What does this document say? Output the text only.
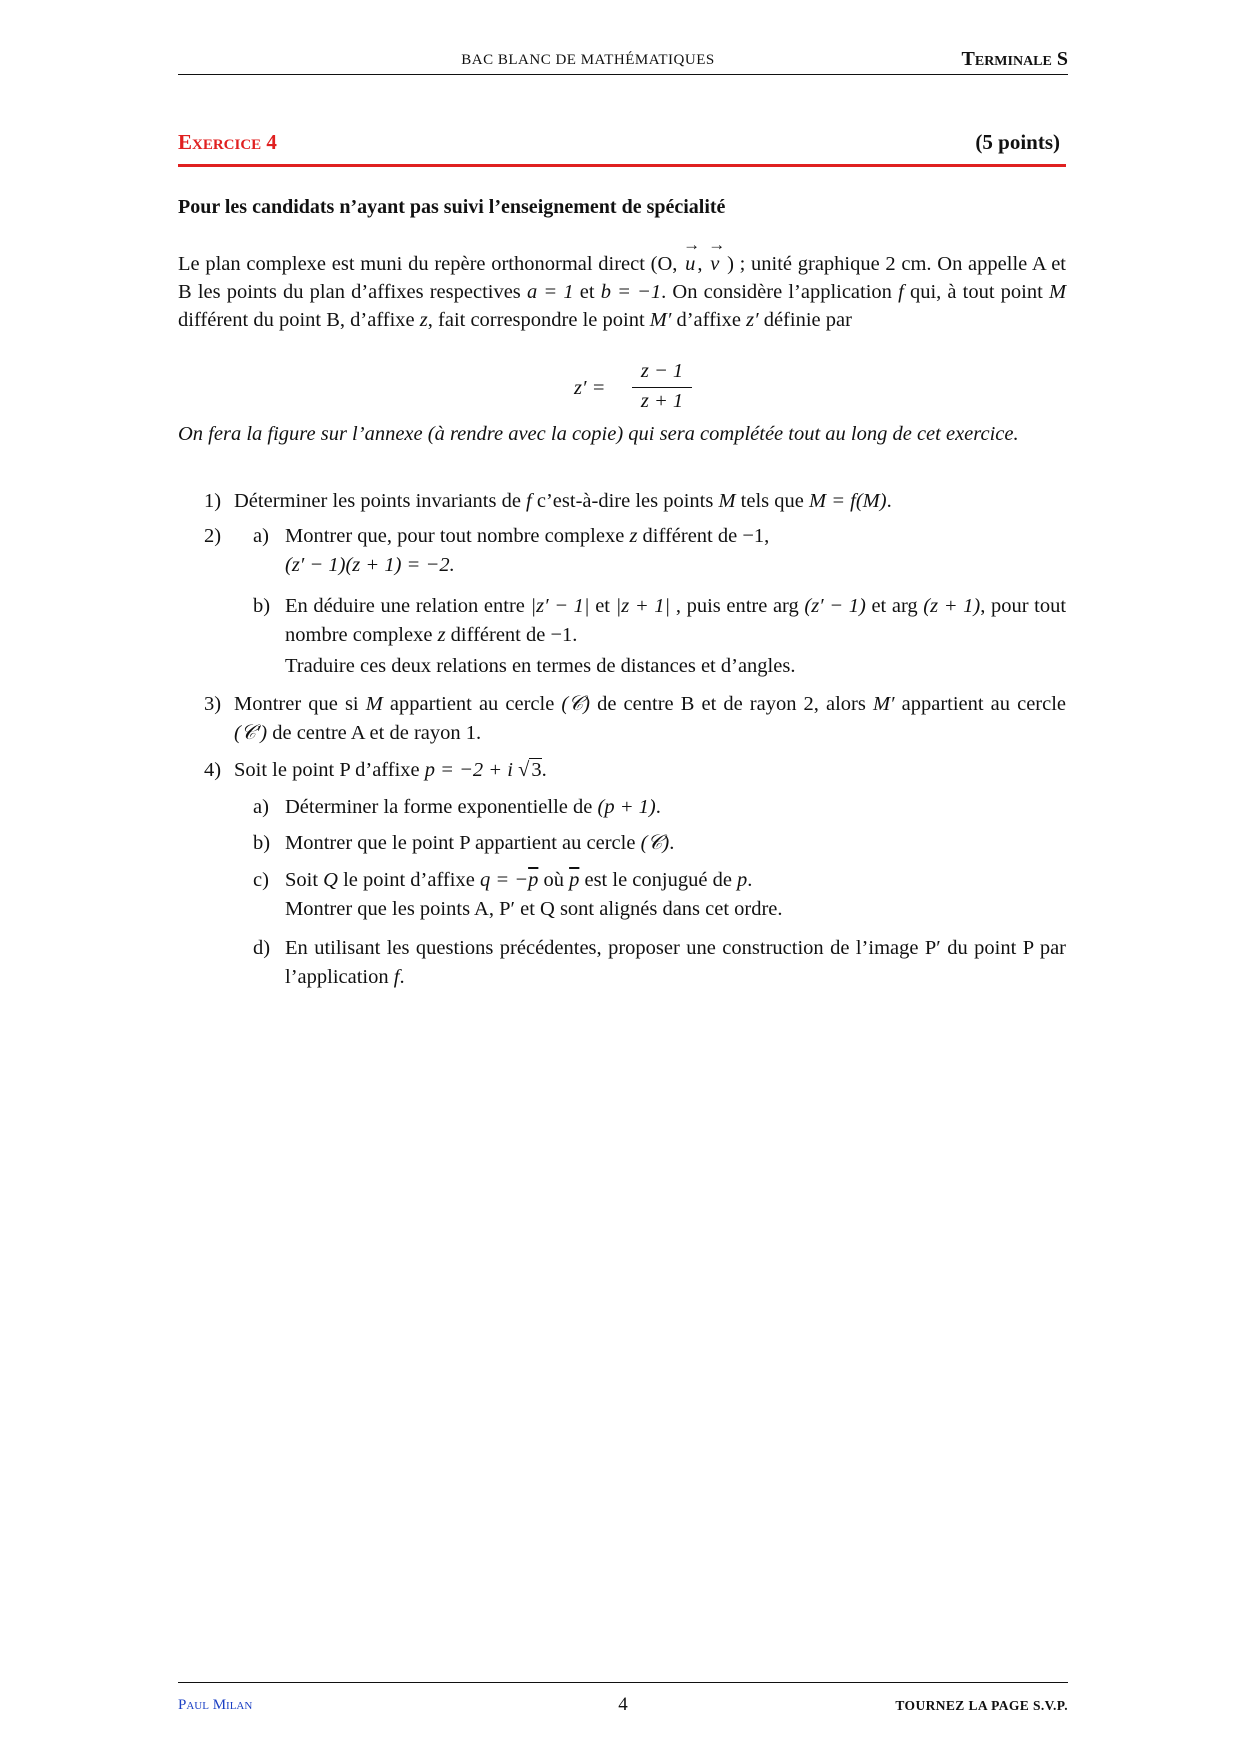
BAC BLANC DE MATHÉMATIQUES	Terminale S
Exercice 4	(5 points)
Pour les candidats n’ayant pas suivi l’enseignement de spécialité
Le plan complexe est muni du repère orthonormal direct (O, → u, → v ) ; unité graphique 2 cm. On appelle A et B les points du plan d’affixes respectives a = 1 et b = −1. On considère l’application f qui, à tout point M différent du point B, d’affixe z, fait correspondre le point M′ d’affixe z′ définie par
$z' = \frac{z - 1}{z + 1}$
On fera la figure sur l’annexe (à rendre avec la copie) qui sera complétée tout au long de cet exercice.
1) Déterminer les points invariants de f c’est-à-dire les points M tels que M = f(M).
2) a) Montrer que, pour tout nombre complexe z différent de −1,
(z′ − 1)(z + 1) = −2.
b) En déduire une relation entre |z′ − 1| et |z + 1| , puis entre arg (z′ − 1) et arg (z + 1), pour tout nombre complexe z différent de −1.
Traduire ces deux relations en termes de distances et d’angles.
3) Montrer que si M appartient au cercle (𝒞) de centre B et de rayon 2, alors M′ appartient au cercle (𝒞′) de centre A et de rayon 1.
4) Soit le point P d’affixe p = −2 + i √3.
a) Déterminer la forme exponentielle de (p + 1).
b) Montrer que le point P appartient au cercle (𝒞).
c) Soit Q le point d’affixe $q = -\overline{p}$ où $\overline{p}$ est le conjugué de p.
Montrer que les points A, P′ et Q sont alignés dans cet ordre.
d) En utilisant les questions précédentes, proposer une construction de l’image P′ du point P par l’application f.
Paul Milan	4	TOURNEZ LA PAGE S.V.P.
